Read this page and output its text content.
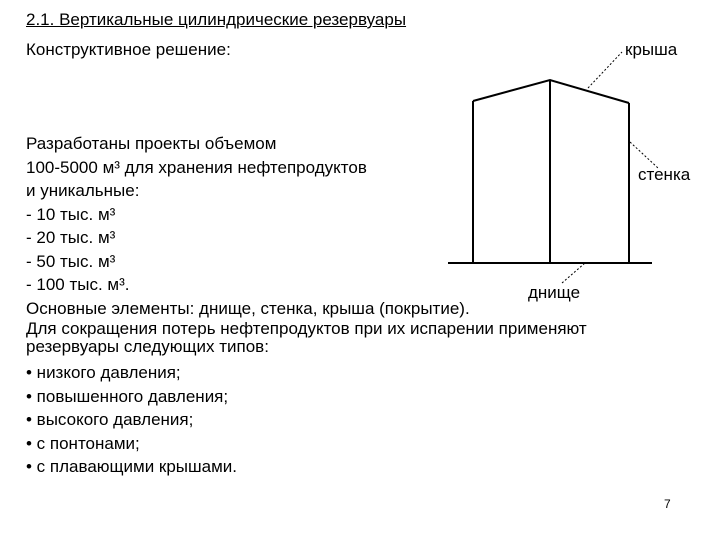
2.1. Вертикальные цилиндрические резервуары
Конструктивное решение:
Разработаны проекты объемом
100-5000 м³ для хранения нефтепродуктов
и уникальные:
- 10 тыс. м³
- 20 тыс. м³
- 50 тыс. м³
- 100 тыс. м³.
Основные элементы: днище, стенка, крыша (покрытие).
Для сокращения потерь нефтепродуктов при их испарении применяют
резервуары следующих типов:
• низкого давления;
• повышенного давления;
• высокого давления;
• с понтонами;
• с плавающими крышами.
крыша
стенка
днище
7
